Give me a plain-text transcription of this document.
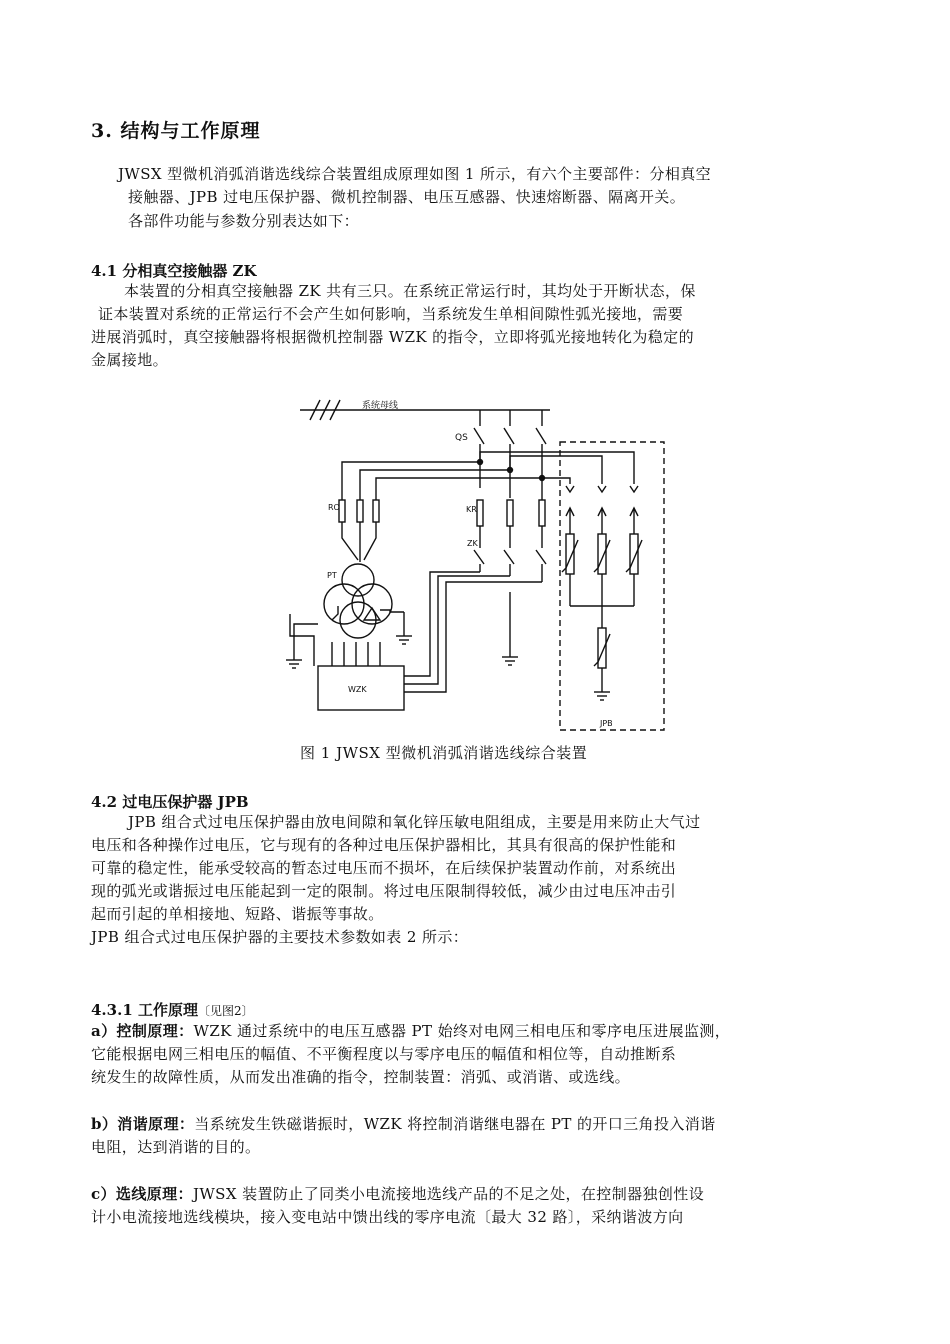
3. 结构与工作原理
JWSX 型微机消弧消谐选线综合装置组成原理如图 1 所示，有六个主要部件：分相真空
接触器、JPB 过电压保护器、微机控制器、电压互感器、快速熔断器、隔离开关。
各部件功能与参数分别表达如下：
4.1 分相真空接触器 ZK
本装置的分相真空接触器 ZK 共有三只。在系统正常运行时，其均处于开断状态，保
证本装置对系统的正常运行不会产生如何影响，当系统发生单相间隙性弧光接地，需要
进展消弧时，真空接触器将根据微机控制器 WZK 的指令，立即将弧光接地转化为稳定的
金属接地。
系统母线
QS
RO	KR
ZK
PT
WZK
JPB
图 1 JWSX 型微机消弧消谐选线综合装置
4.2 过电压保护器 JPB
JPB 组合式过电压保护器由放电间隙和氧化锌压敏电阻组成，主要是用来防止大气过
电压和各种操作过电压，它与现有的各种过电压保护器相比，其具有很高的保护性能和
可靠的稳定性，能承受较高的暂态过电压而不损坏，在后续保护装置动作前，对系统出
现的弧光或谐振过电压能起到一定的限制。将过电压限制得较低，减少由过电压冲击引
起而引起的单相接地、短路、谐振等事故。
JPB 组合式过电压保护器的主要技术参数如表 2 所示：
4.3.1 工作原理〔见图2〕
a）控制原理：WZK 通过系统中的电压互感器 PT 始终对电网三相电压和零序电压进展监测，
它能根据电网三相电压的幅值、不平衡程度以与零序电压的幅值和相位等，自动推断系
统发生的故障性质，从而发出准确的指令，控制装置：消弧、或消谐、或选线。
b）消谐原理：当系统发生铁磁谐振时，WZK 将控制消谐继电器在 PT 的开口三角投入消谐
电阻，达到消谐的目的。
c）选线原理：JWSX 装置防止了同类小电流接地选线产品的不足之处，在控制器独创性设
计小电流接地选线模块，接入变电站中馈出线的零序电流〔最大 32 路〕，采纳谐波方向
